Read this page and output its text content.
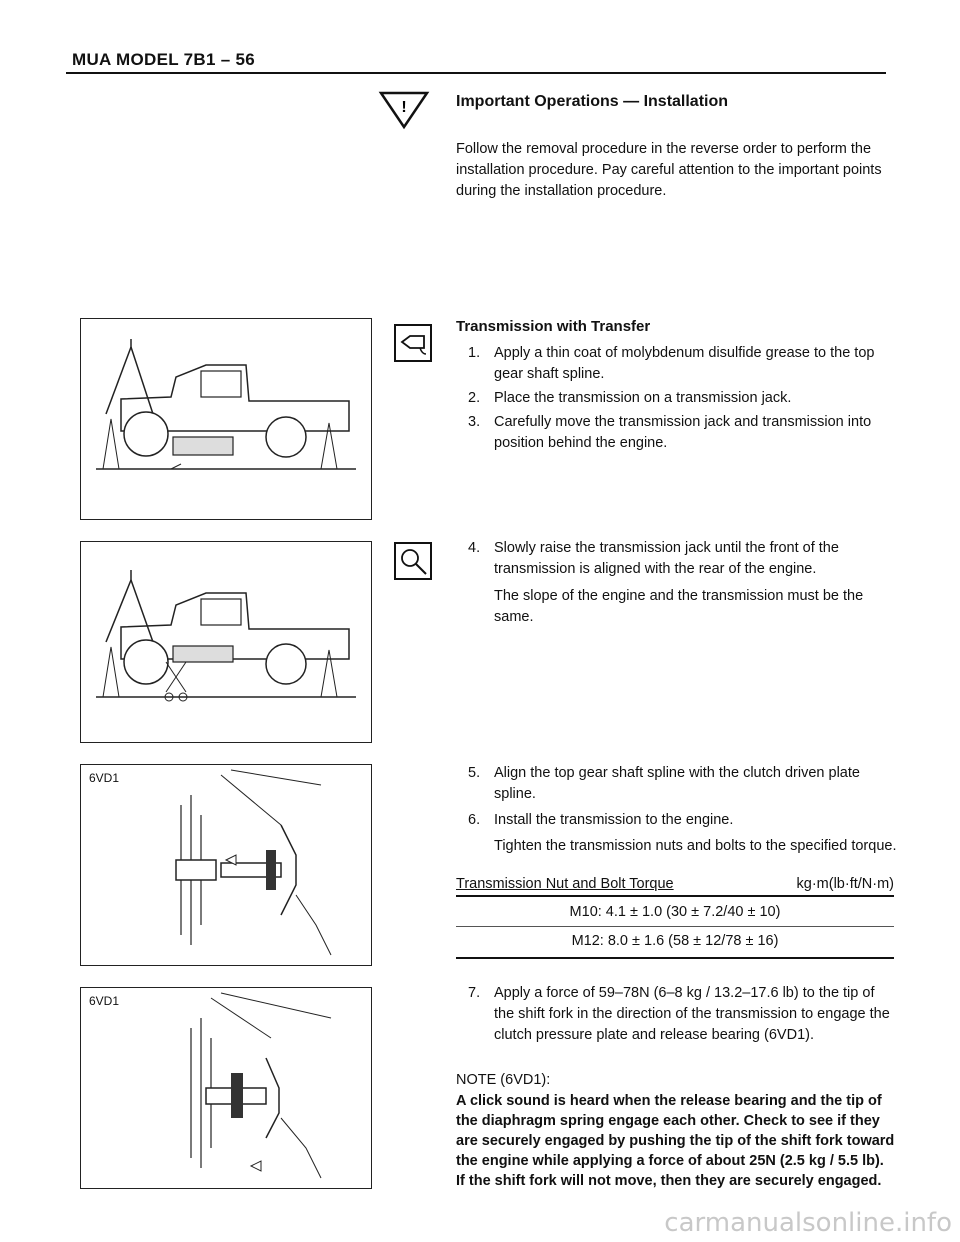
MUA MODEL 7B1 – 56
!	Important Operations — Installation
Follow the removal procedure in the reverse order to perform the installation procedure. Pay careful attention to the important points during the installation procedure.
6VD1
6VD1
Transmission with Transfer
1. Apply a thin coat of molybdenum disulfide grease to the top gear shaft spline.
2. Place the transmission on a transmission jack.
3. Carefully move the transmission jack and transmission into position behind the engine.
4. Slowly raise the transmission jack until the front of the transmission is aligned with the rear of the engine.
The slope of the engine and the transmission must be the same.
5. Align the top gear shaft spline with the clutch driven plate spline.
6. Install the transmission to the engine.
Tighten the transmission nuts and bolts to the specified torque.
Transmission Nut and Bolt Torque	kg·m(lb·ft/N·m)
M10: 4.1 ± 1.0 (30 ± 7.2/40 ± 10)
M12: 8.0 ± 1.6 (58 ± 12/78 ± 16)
7. Apply a force of 59–78N (6–8 kg / 13.2–17.6 lb) to the tip of the shift fork in the direction of the transmission to engage the clutch pressure plate and release bearing (6VD1).
NOTE (6VD1):
A click sound is heard when the release bearing and the tip of the diaphragm spring engage each other. Check to see if they are securely engaged by pushing the tip of the shift fork toward the engine while applying a force of about 25N (2.5 kg / 5.5 lb). If the shift fork will not move, then they are securely engaged.
carmanualsonline.info
